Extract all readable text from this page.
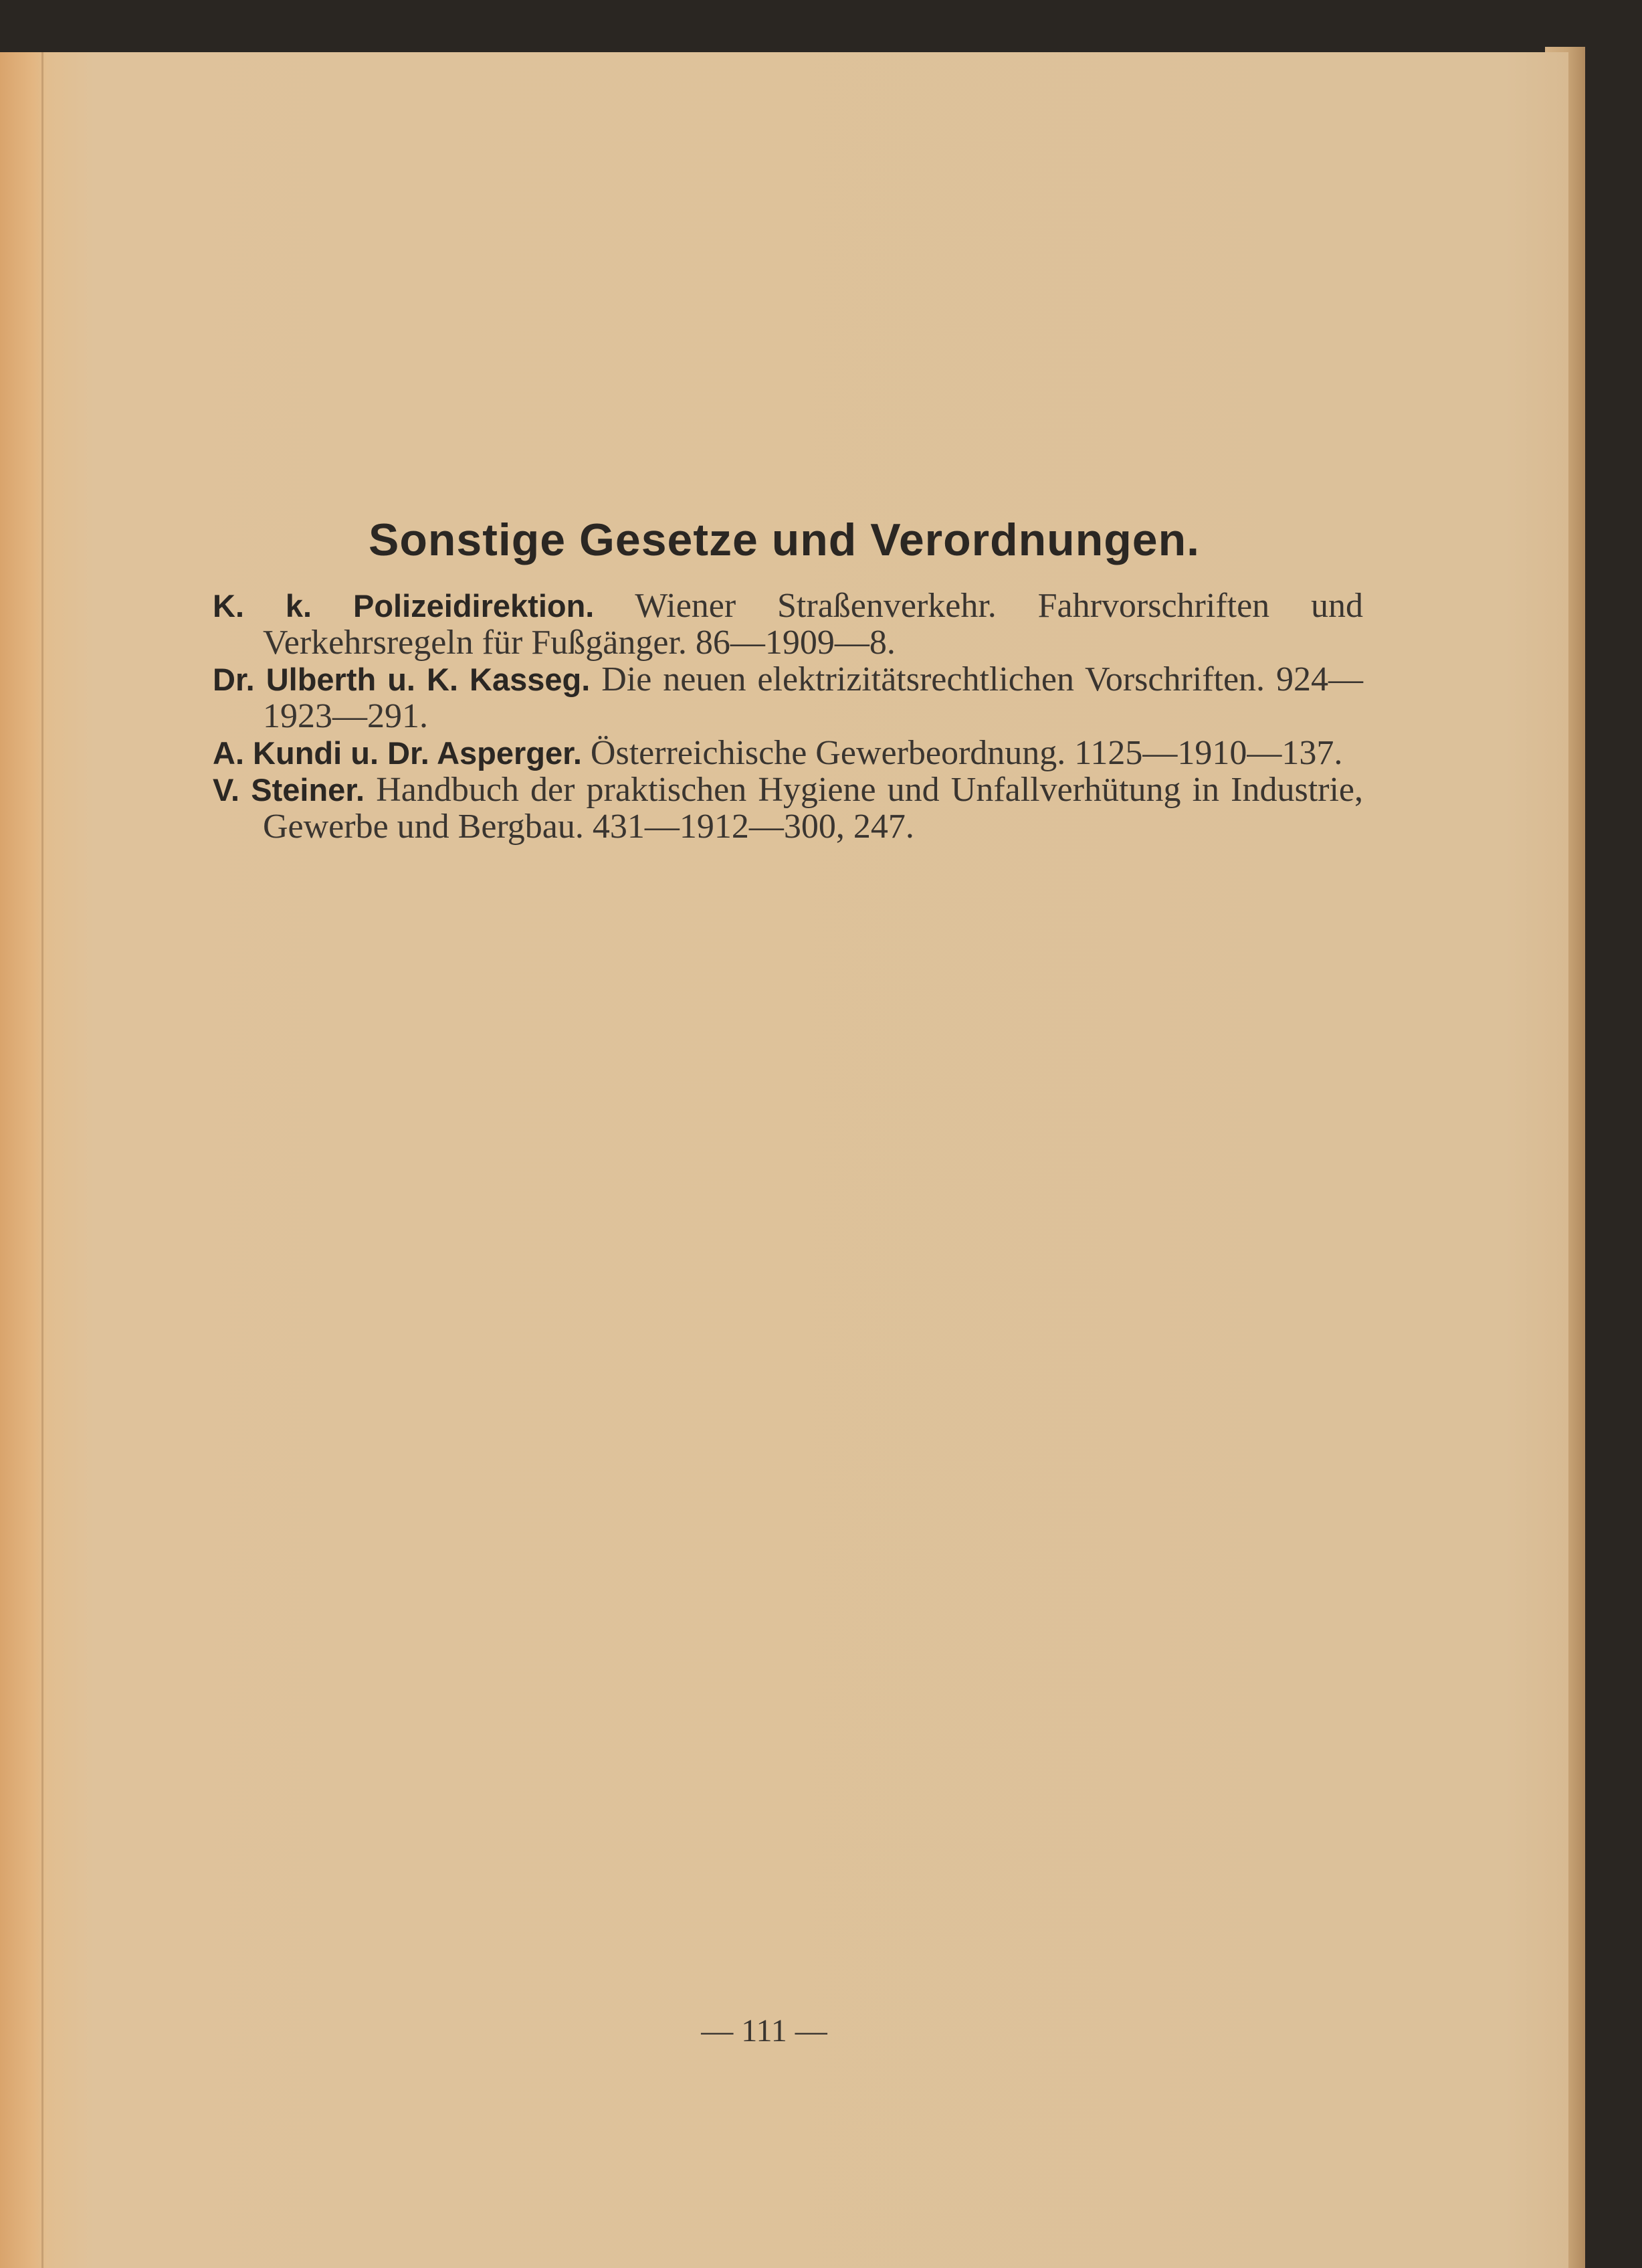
Sonstige Gesetze und Verordnungen.

K. k. Polizeidirektion. Wiener Straßenverkehr. Fahrvorschriften und Verkehrsregeln für Fußgänger. 86—1909—8.

Dr. Ulberth u. K. Kasseg. Die neuen elektrizitätsrechtlichen Vorschriften. 924—1923—291.

A. Kundi u. Dr. Asperger. Österreichische Gewerbeordnung. 1125—1910—137.

V. Steiner. Handbuch der praktischen Hygiene und Unfallverhütung in Industrie, Gewerbe und Bergbau. 431—1912—300, 247.

— 111 —
